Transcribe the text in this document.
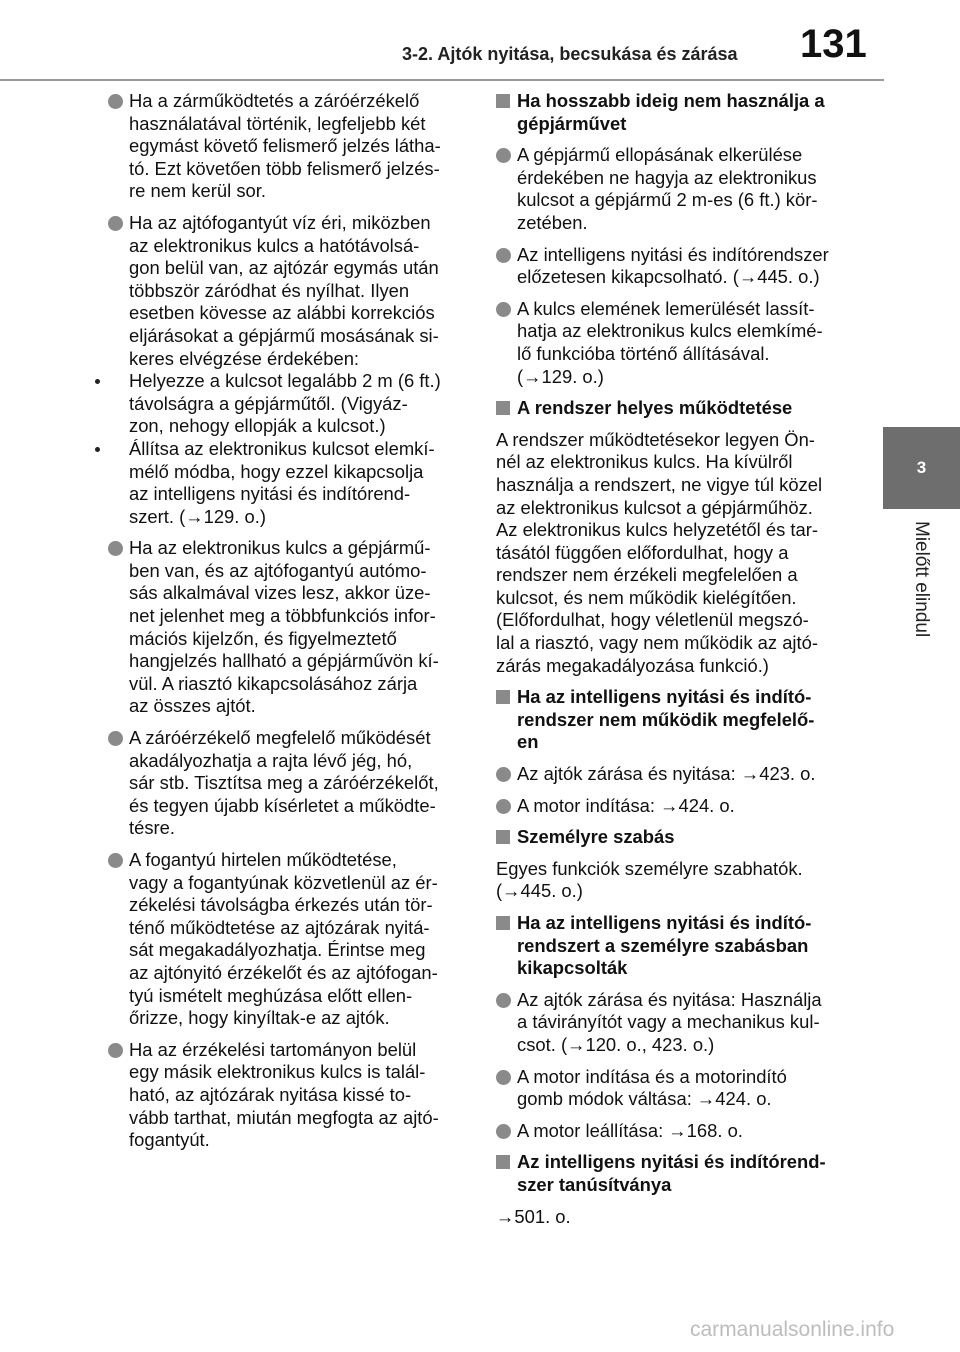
3-2. Ajtók nyitása, becsukása és zárása 131
3
Mielőtt elindul
Ha a zárműködtetés a záróérzékelő
használatával történik, legfeljebb két
egymást követő felismerő jelzés látha-
tó. Ezt követően több felismerő jelzés-
re nem kerül sor.
Ha az ajtófogantyút víz éri, miközben
az elektronikus kulcs a hatótávolsá-
gon belül van, az ajtózár egymás után
többször záródhat és nyílhat. Ilyen
esetben kövesse az alábbi korrekciós
eljárásokat a gépjármű mosásának si-
keres elvégzése érdekében:
Helyezze a kulcsot legalább 2 m (6 ft.)
távolságra a gépjárműtől. (Vigyáz-
zon, nehogy ellopják a kulcsot.)
Állítsa az elektronikus kulcsot elemkí-
mélő módba, hogy ezzel kikapcsolja
az intelligens nyitási és indítórend-
szert. (→129. o.)
Ha az elektronikus kulcs a gépjármű-
ben van, és az ajtófogantyú autómo-
sás alkalmával vizes lesz, akkor üze-
net jelenhet meg a többfunkciós infor-
mációs kijelzőn, és figyelmeztető
hangjelzés hallható a gépjárművön kí-
vül. A riasztó kikapcsolásához zárja
az összes ajtót.
A záróérzékelő megfelelő működését
akadályozhatja a rajta lévő jég, hó,
sár stb. Tisztítsa meg a záróérzékelőt,
és tegyen újabb kísérletet a működte-
tésre.
A fogantyú hirtelen működtetése,
vagy a fogantyúnak közvetlenül az ér-
zékelési távolságba érkezés után tör-
ténő működtetése az ajtózárak nyitá-
sát megakadályozhatja. Érintse meg
az ajtónyitó érzékelőt és az ajtófogan-
tyú ismételt meghúzása előtt ellen-
őrizze, hogy kinyíltak-e az ajtók.
Ha az érzékelési tartományon belül
egy másik elektronikus kulcs is talál-
ható, az ajtózárak nyitása kissé to-
vább tarthat, miután megfogta az ajtó-
fogantyút.
Ha hosszabb ideig nem használja a
gépjárművet
A gépjármű ellopásának elkerülése
érdekében ne hagyja az elektronikus
kulcsot a gépjármű 2 m-es (6 ft.) kör-
zetében.
Az intelligens nyitási és indítórendszer
előzetesen kikapcsolható. (→445. o.)
A kulcs elemének lemerülését lassít-
hatja az elektronikus kulcs elemkímé-
lő funkcióba történő állításával.
(→129. o.)
A rendszer helyes működtetése
A rendszer működtetésekor legyen Ön-
nél az elektronikus kulcs. Ha kívülről
használja a rendszert, ne vigye túl közel
az elektronikus kulcsot a gépjárműhöz.
Az elektronikus kulcs helyzetétől és tar-
tásától függően előfordulhat, hogy a
rendszer nem érzékeli megfelelően a
kulcsot, és nem működik kielégítően.
(Előfordulhat, hogy véletlenül megszó-
lal a riasztó, vagy nem működik az ajtó-
zárás megakadályozása funkció.)
Ha az intelligens nyitási és indító-
rendszer nem működik megfelelő-
en
Az ajtók zárása és nyitása: →423. o.
A motor indítása: →424. o.
Személyre szabás
Egyes funkciók személyre szabhatók.
(→445. o.)
Ha az intelligens nyitási és indító-
rendszert a személyre szabásban
kikapcsolták
Az ajtók zárása és nyitása: Használja
a távirányítót vagy a mechanikus kul-
csot. (→120. o., 423. o.)
A motor indítása és a motorindító
gomb módok váltása: →424. o.
A motor leállítása: →168. o.
Az intelligens nyitási és indítórend-
szer tanúsítványa
→501. o.
carmanualsonline.info
